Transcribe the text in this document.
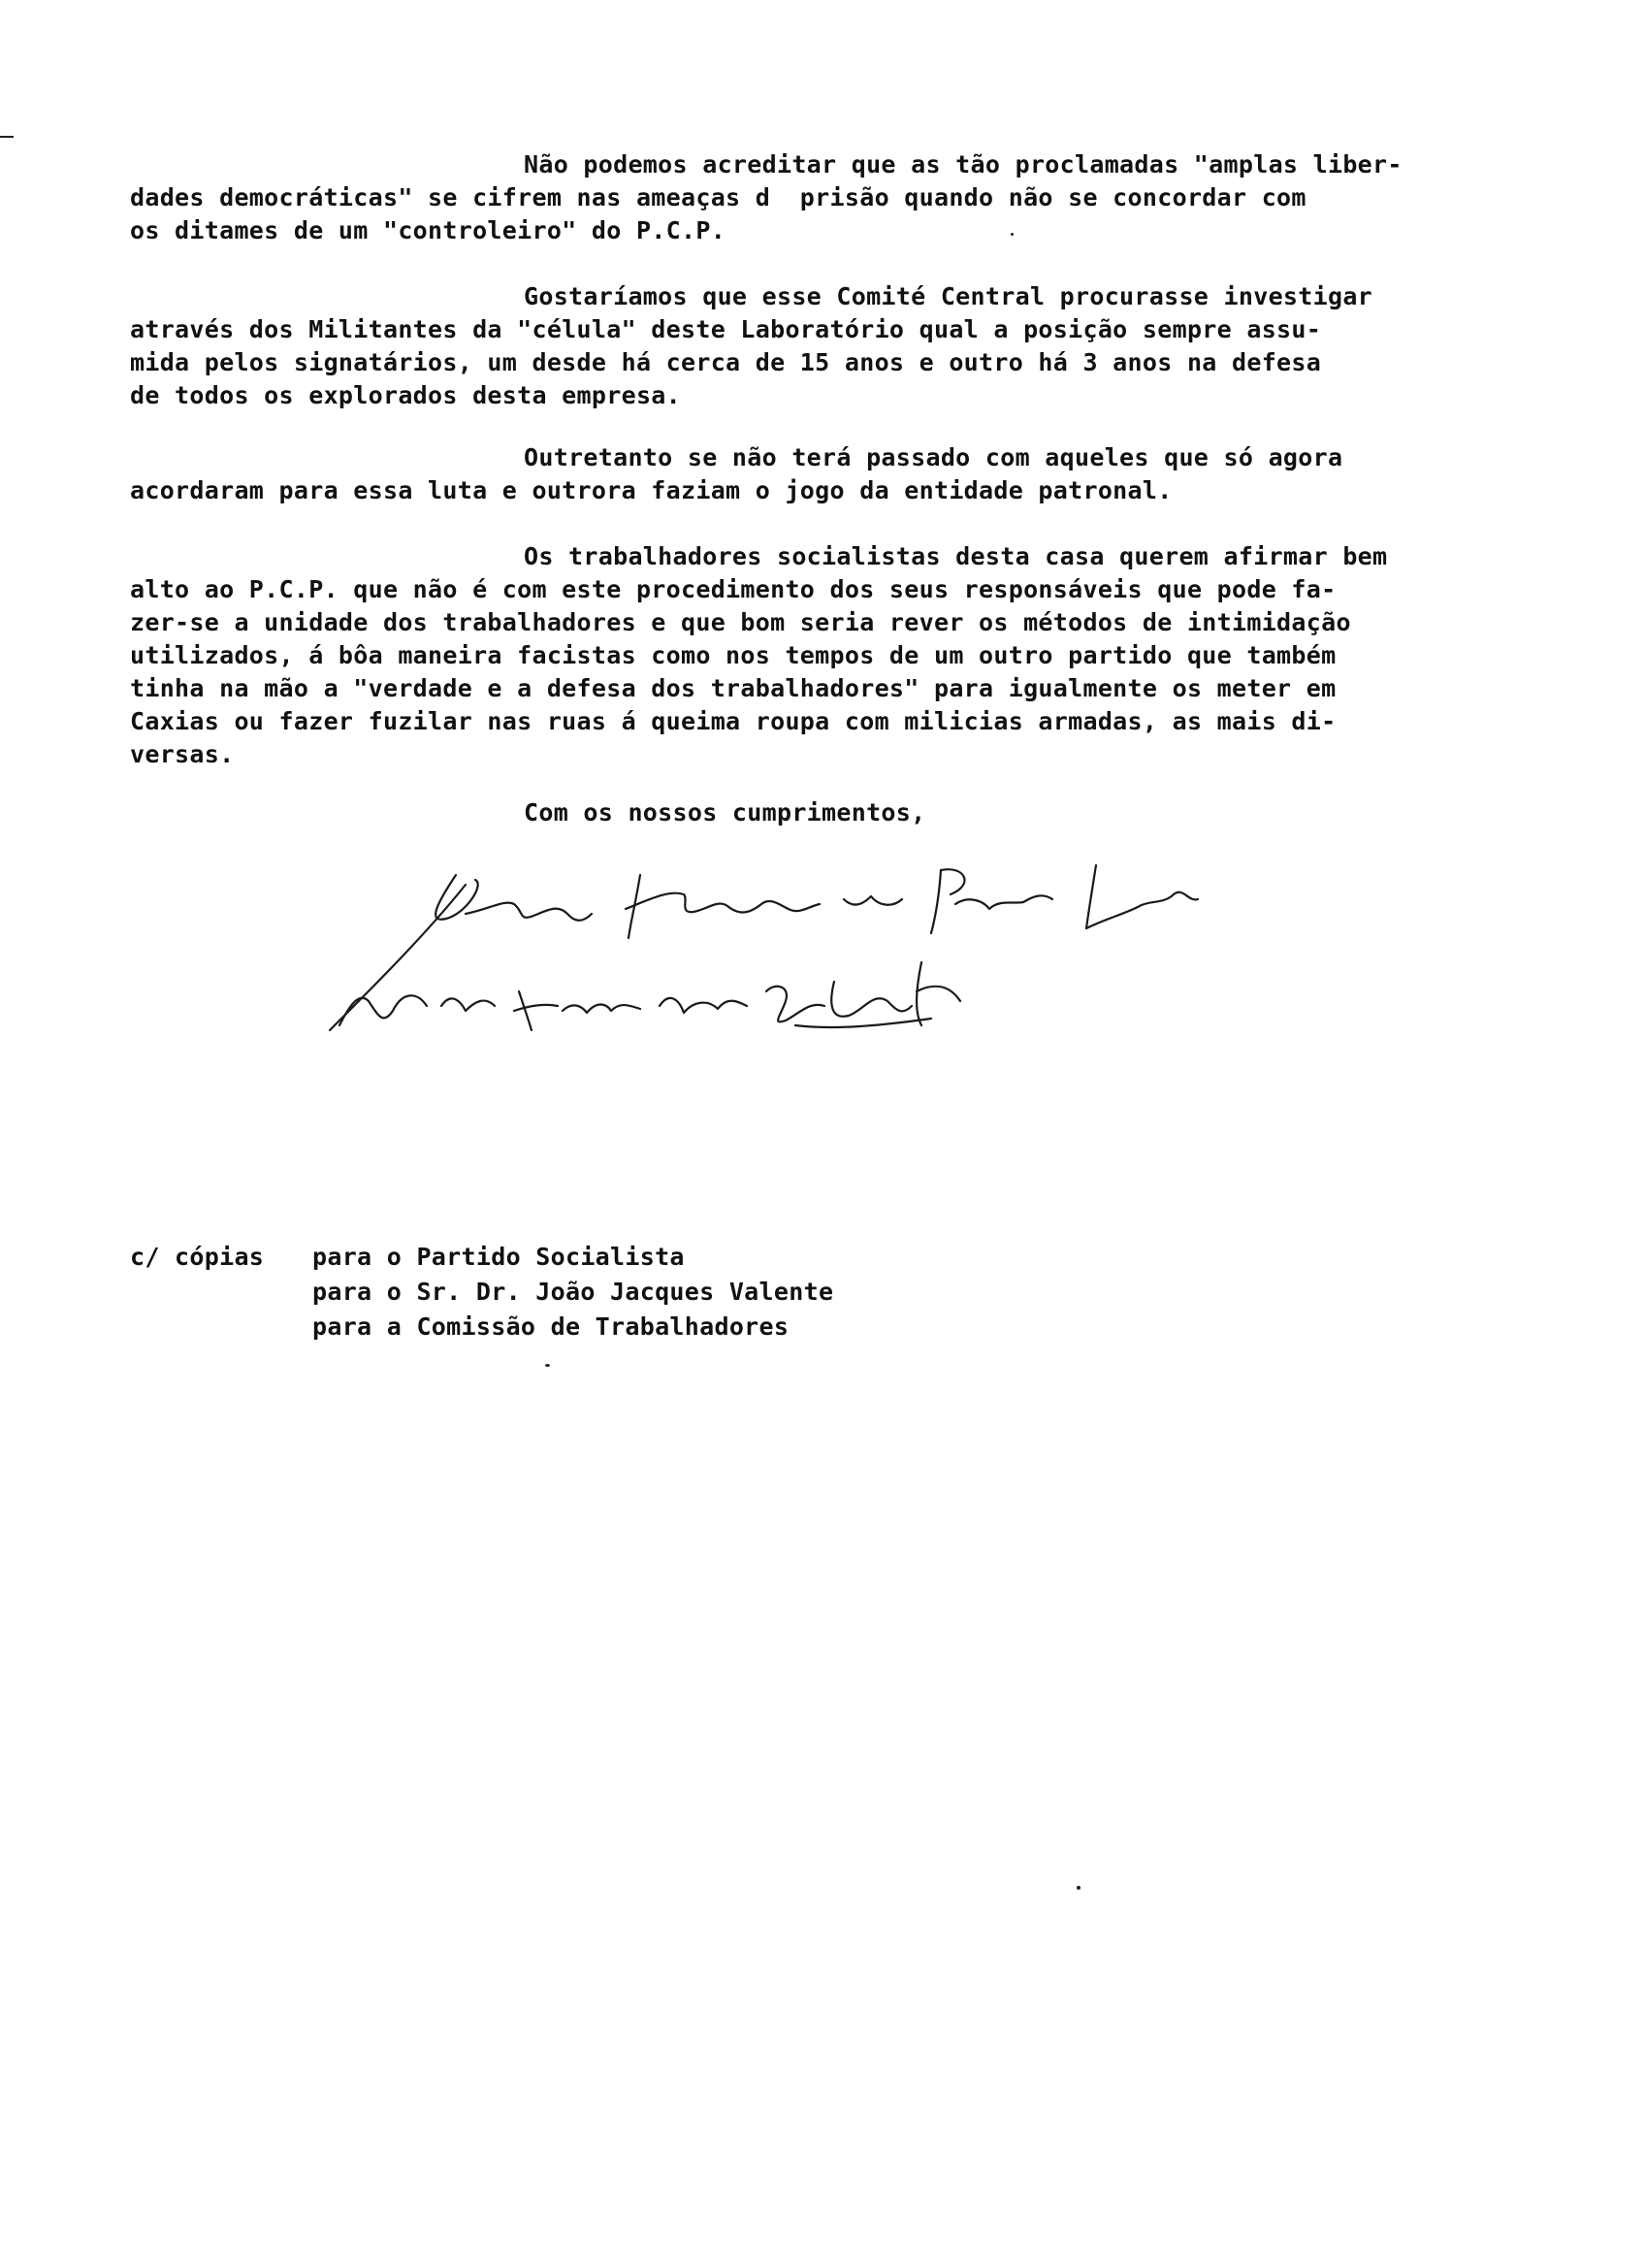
Não podemos acreditar que as tão proclamadas "amplas liber-
dades democráticas" se cifrem nas ameaças d  prisão quando não se concordar com
os ditames de um "controleiro" do P.C.P.
Gostaríamos que esse Comité Central procurasse investigar
através dos Militantes da "célula" deste Laboratório qual a posição sempre assu-
mida pelos signatários, um desde há cerca de 15 anos e outro há 3 anos na defesa
de todos os explorados desta empresa.
Outretanto se não terá passado com aqueles que só agora
acordaram para essa luta e outrora faziam o jogo da entidade patronal.
Os trabalhadores socialistas desta casa querem afirmar bem
alto ao P.C.P. que não é com este procedimento dos seus responsáveis que pode fa-
zer-se a unidade dos trabalhadores e que bom seria rever os métodos de intimidação
utilizados, á bôa maneira facistas como nos tempos de um outro partido que também
tinha na mão a "verdade e a defesa dos trabalhadores" para igualmente os meter em
Caxias ou fazer fuzilar nas ruas á queima roupa com milicias armadas, as mais di-
versas.
Com os nossos cumprimentos,
c/ cópias para o Partido Socialista
para o Sr. Dr. João Jacques Valente
para a Comissão de Trabalhadores
